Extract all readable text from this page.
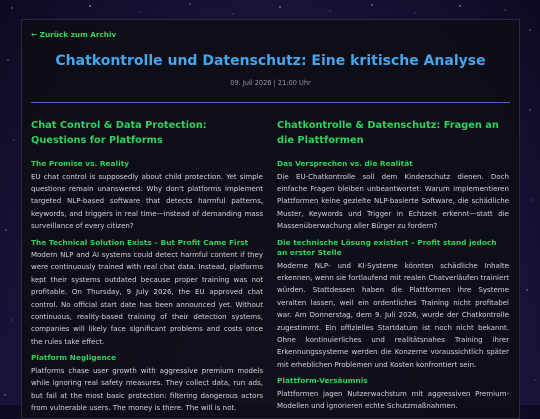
← Zurück zum Archiv
Chatkontrolle und Datenschutz: Eine kritische Analyse
09. Juli 2026 | 21:00 Uhr
Chat Control & Data Protection: Questions for Platforms
The Promise vs. Reality
EU chat control is supposedly about child protection. Yet simple questions remain unanswered: Why don't platforms implement targeted NLP-based software that detects harmful patterns, keywords, and triggers in real time—instead of demanding mass surveillance of every citizen?
The Technical Solution Exists – But Profit Came First
Modern NLP and AI systems could detect harmful content if they were continuously trained with real chat data. Instead, platforms kept their systems outdated because proper training was not profitable. On Thursday, 9 July 2026, the EU approved chat control. No official start date has been announced yet. Without continuous, reality-based training of their detection systems, companies will likely face significant problems and costs once the rules take effect.
Platform Negligence
Platforms chase user growth with aggressive premium models while ignoring real safety measures. They collect data, run ads, but fail at the most basic protection: filtering dangerous actors from vulnerable users. The money is there. The will is not.
Chatkontrolle & Datenschutz: Fragen an die Plattformen
Das Versprechen vs. die Realität
Die EU-Chatkontrolle soll dem Kinderschutz dienen. Doch einfache Fragen bleiben unbeantwortet: Warum implementieren Plattformen keine gezielte NLP-basierte Software, die schädliche Muster, Keywords und Trigger in Echtzeit erkennt—statt die Massenüberwachung aller Bürger zu fordern?
Die technische Lösung existiert – Profit stand jedoch an erster Stelle
Moderne NLP- und KI-Systeme könnten schädliche Inhalte erkennen, wenn sie fortlaufend mit realen Chatverläufen trainiert würden. Stattdessen haben die Plattformen ihre Systeme veralten lassen, weil ein ordentliches Training nicht profitabel war. Am Donnerstag, dem 9. Juli 2026, wurde der Chatkontrolle zugestimmt. Ein offizielles Startdatum ist noch nicht bekannt. Ohne kontinuierliches und realitätsnahes Training ihrer Erkennungssysteme werden die Konzerne voraussichtlich später mit erheblichen Problemen und Kosten konfrontiert sein.
Plattform-Versäumnis
Plattformen jagen Nutzerwachstum mit aggressiven Premium-Modellen und ignorieren echte Schutzmaßnahmen.
